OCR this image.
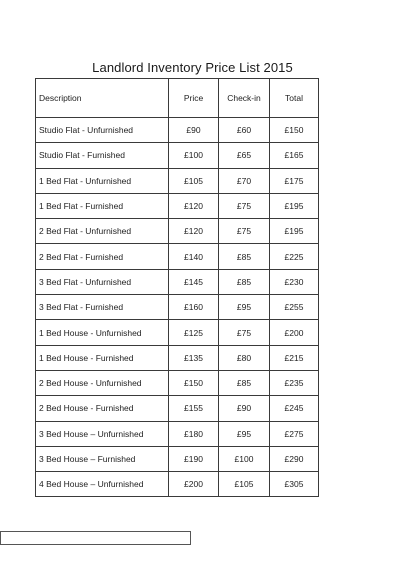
Landlord Inventory Price List 2015
Description	Price	Check-in	Total
Studio Flat - Unfurnished	£90	£60	£150
Studio Flat - Furnished	£100	£65	£165
1 Bed Flat - Unfurnished	£105	£70	£175
1 Bed Flat - Furnished	£120	£75	£195
2 Bed Flat - Unfurnished	£120	£75	£195
2 Bed Flat - Furnished	£140	£85	£225
3 Bed Flat - Unfurnished	£145	£85	£230
3 Bed Flat - Furnished	£160	£95	£255
1 Bed House - Unfurnished	£125	£75	£200
1 Bed House - Furnished	£135	£80	£215
2 Bed House - Unfurnished	£150	£85	£235
2 Bed House - Furnished	£155	£90	£245
3 Bed House – Unfurnished	£180	£95	£275
3 Bed House – Furnished	£190	£100	£290
4 Bed House – Unfurnished	£200	£105	£305
